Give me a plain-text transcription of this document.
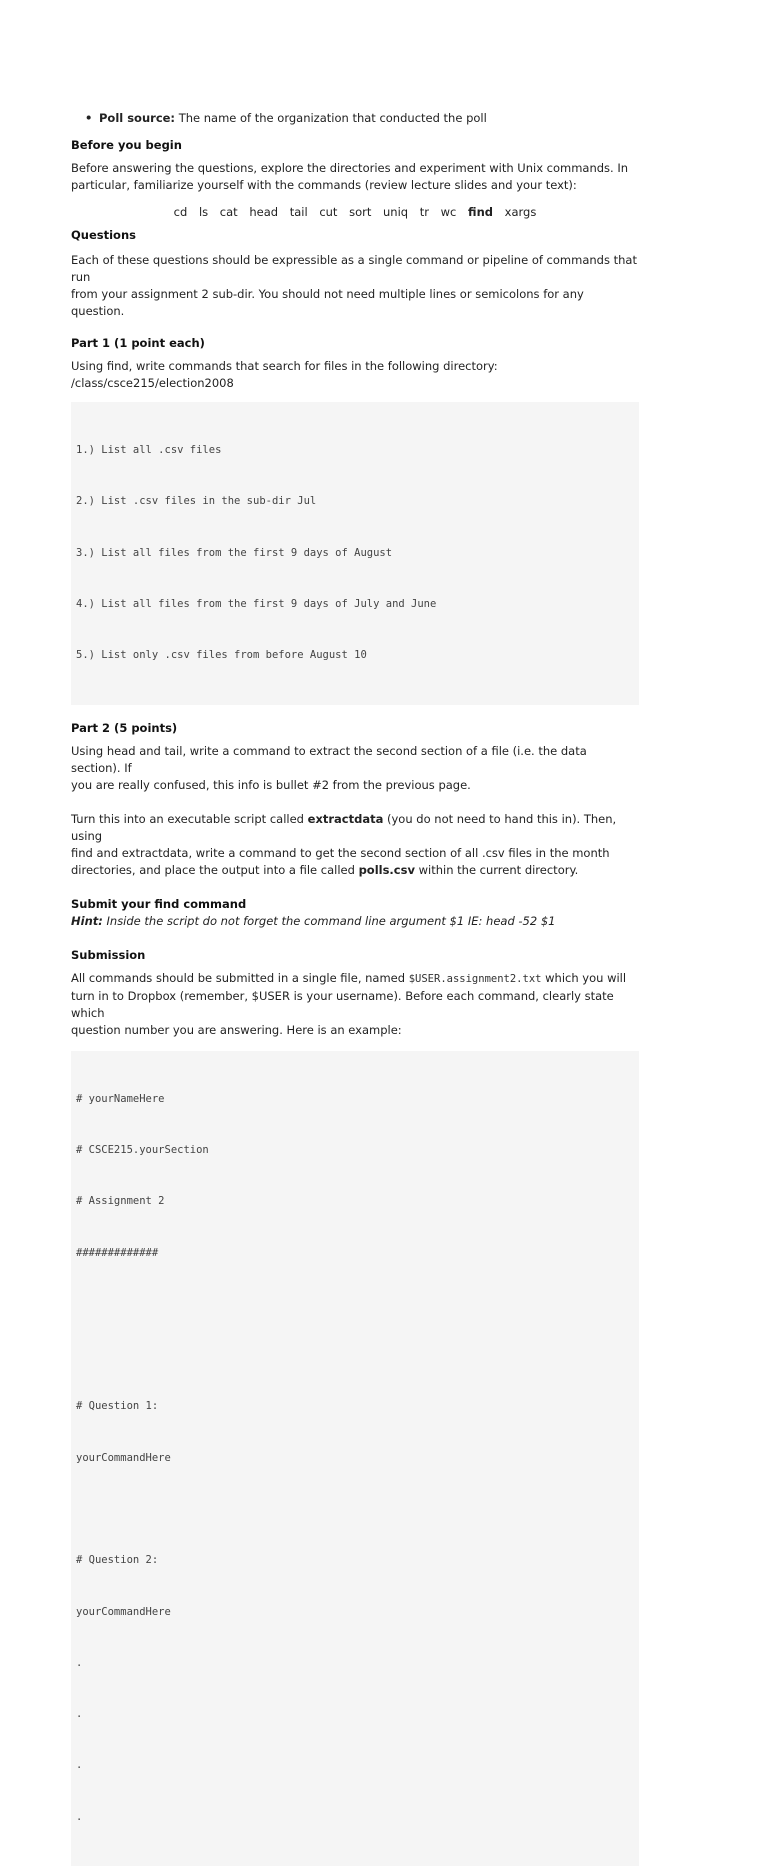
• Poll source: The name of the organization that conducted the poll

Before you begin

Before answering the questions, explore the directories and experiment with Unix commands. In

particular, familiarize yourself with the commands (review lecture slides and your text):

cd ls cat head tail cut sort uniq tr wc find xargs

Questions

Each of these questions should be expressible as a single command or pipeline of commands that run

from your assignment 2 sub-dir. You should not need multiple lines or semicolons for any question.

Part 1 (1 point each)

Using find, write commands that search for files in the following directory: /class/csce215/election2008

1.) List all .csv files

2.) List .csv files in the sub-dir Jul

3.) List all files from the first 9 days of August

4.) List all files from the first 9 days of July and June

5.) List only .csv files from before August 10

Part 2 (5 points)

Using head and tail, write a command to extract the second section of a file (i.e. the data section). If

you are really confused, this info is bullet #2 from the previous page.

Turn this into an executable script called extractdata (you do not need to hand this in). Then, using

find and extractdata, write a command to get the second section of all .csv files in the month

directories, and place the output into a file called polls.csv within the current directory.

Submit your find command

Hint: Inside the script do not forget the command line argument $1 IE: head -52 $1

Submission

All commands should be submitted in a single file, named $USER.assignment2.txt which you will

turn in to Dropbox (remember, $USER is your username). Before each command, clearly state which

question number you are answering. Here is an example:

# yourNameHere

# CSCE215.yourSection

# Assignment 2

#############

# Question 1:

yourCommandHere

# Question 2:

yourCommandHere

.

.

.

.
